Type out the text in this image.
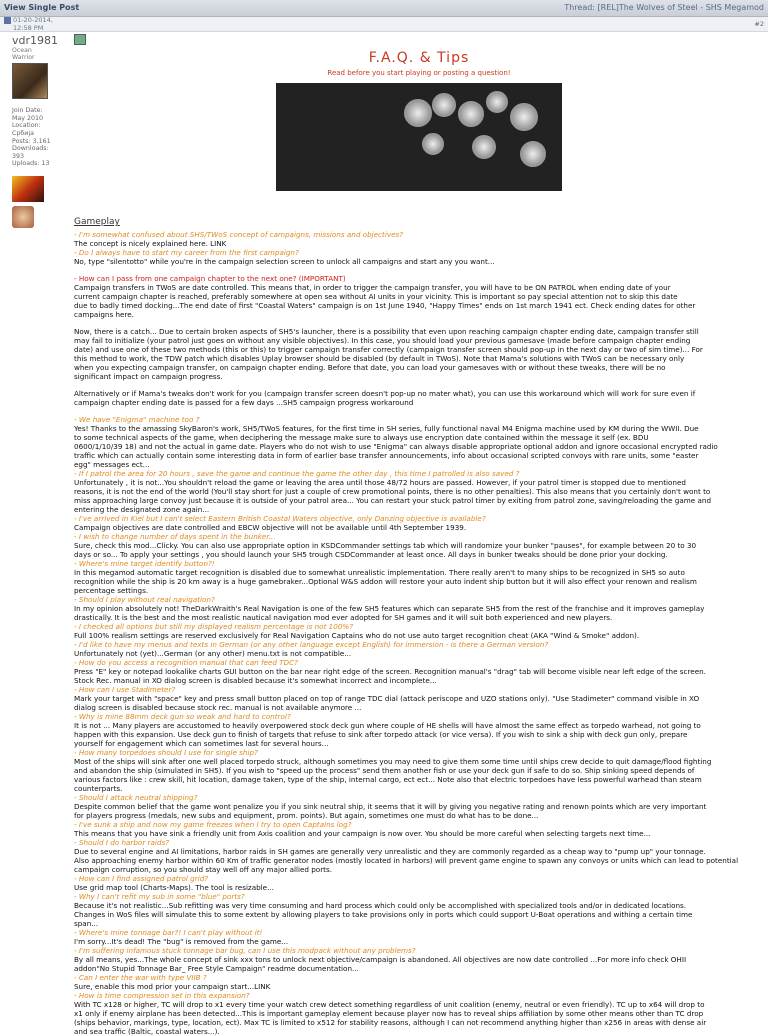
View Single Post	Thread: [REL]The Wolves of Steel - SHS Megamod
01-20-2014,
12:58 PM
#2
vdr1981
Ocean
Warrior
Join Date:
May 2010
Location:
Србија
Posts: 3,161
Downloads:
393
Uploads: 13
F.A.Q. & Tips
Read before you start playing or posting a question!
Gameplay
- I'm somewhat confused about SHS/TWoS concept of campaigns, missions and objectives?
The concept is nicely explained here. LINK
- Do I always have to start my career from the first campaign?
No, type "silentotto" while you're in the campaign selection screen to unlock all campaigns and start any you want...
- How can I pass from one campaign chapter to the next one? (IMPORTANT)
Campaign transfers in TWoS are date controlled. This means that, in order to trigger the campaign transfer, you will have to be ON PATROL when ending date of your
current campaign chapter is reached, preferably somewhere at open sea without AI units in your vicinity. This is important so pay special attention not to skip this date
due to badly timed docking...The end date of first "Coastal Waters" campaign is on 1st June 1940, "Happy Times" ends on 1st march 1941 ect. Check ending dates for other
campaigns here.
Now, there is a catch... Due to certain broken aspects of SH5's launcher, there is a possibility that even upon reaching campaign chapter ending date, campaign transfer still
may fail to initialize (your patrol just goes on without any visible objectives). In this case, you should load your previous gamesave (made before campaign chapter ending
date) and use one of these two methods (this or this) to trigger campaign transfer correctly (campaign transfer screen should pop-up in the next day or two of sim time)... For
this method to work, the TDW patch which disables Uplay browser should be disabled (by default in TWoS). Note that Mama's solutions with TWoS can be necessary only
when you expecting campaign transfer, on campaign chapter ending. Before that date, you can load your gamesaves with or without these tweaks, there will be no
significant impact on campaign progress.
Alternatively or if Mama's tweaks don't work for you (campaign transfer screen doesn't pop-up no mater what), you can use this workaround which will work for sure even if
campaign chapter ending date is passed for a few days ...SH5 campaign progress workaround
- We have "Enigma" machine too ?
Yes! Thanks to the amassing SkyBaron's work, SH5/TWoS features, for the first time in SH series, fully functional naval M4 Enigma machine used by KM during the WWII. Due
to some technical aspects of the game, when deciphering the message make sure to always use encryption date contained within the message it self (ex. BDU
0600/1/10/39 18) and not the actual in game date. Players who do not wish to use "Enigma" can always disable appropriate optional addon and ignore occasional encrypted radio
traffic which can actually contain some interesting data in form of earlier base transfer announcements, info about occasional scripted convoys with rare units, some "easter
egg" messages ect...
- If I patrol the area for 20 hours , save the game and continue the game the other day , this time I patrolled is also saved ?
Unfortunately , it is not...You shouldn't reload the game or leaving the area until those 48/72 hours are passed. However, if your patrol timer is stopped due to mentioned
reasons, it is not the end of the world (You'll stay short for just a couple of crew promotional points, there is no other penalties). This also means that you certainly don't wont to
miss approaching large convoy just because it is outside of your patrol area... You can restart your stuck patrol timer by exiting from patrol zone, saving/reloading the game and
entering the designated zone again...
- I've arrived in Kiel but I can't select Eastern British Coastal Waters objective, only Danzing objective is available?
Campaign objectives are date controlled and EBCW objective will not be available until 4th September 1939.
- I wish to change number of days spent in the bunker...
Sure, check this mod...Clicky. You can also use appropriate option in KSDCommander settings tab which will randomize your bunker "pauses", for example between 20 to 30
days or so... To apply your settings , you should launch your SH5 trough CSDCommander at least once. All days in bunker tweaks should be done prior your docking.
- Where's mine target identify button?!
In this megamod automatic target recognition is disabled due to somewhat unrealistic implementation. There really aren't to many ships to be recognized in SH5 so auto
recognition while the ship is 20 km away is a huge gamebraker...Optional W&S addon will restore your auto indent ship button but it will also effect your renown and realism
percentage settings.
- Should I play without real navigation?
In my opinion absolutely not! TheDarkWraith's Real Navigation is one of the few SH5 features which can separate SH5 from the rest of the franchise and it improves gameplay
drastically. It is the best and the most realistic nautical navigation mod ever adopted for SH games and it will suit both experienced and new players.
- I checked all options but still my displayed realism percentage is not 100%?
Full 100% realism settings are reserved exclusively for Real Navigation Captains who do not use auto target recognition cheat (AKA "Wind & Smoke" addon).
- I'd like to have my menus and texts in German (or any other language except English) for immersion - is there a German version?
Unfortunately not (yet)...German (or any other) menu.txt is not compatible...
- How do you access a recognition manual that can feed TDC?
Press "E" key or notepad lookalike charts GUI button on the bar near right edge of the screen. Recognition manual's "drag" tab will become visible near left edge of the screen.
Stock Rec. manual in XO dialog screen is disabled because it's somewhat incorrect and incomplete...
- How can I use Stadimeter?
Mark your target with "space" key and press small button placed on top of range TDC dial (attack periscope and UZO stations only). "Use Stadimeter" command visible in XO
dialog screen is disabled because stock rec. manual is not available anymore ...
- Why is mine 88mm deck gun so weak and hard to control?
It is not ... Many players are accustomed to heavily overpowered stock deck gun where couple of HE shells will have almost the same effect as torpedo warhead, not going to
happen with this expansion. Use deck gun to finish of targets that refuse to sink after torpedo attack (or vice versa). If you wish to sink a ship with deck gun only, prepare
yourself for engagement which can sometimes last for several hours...
- How many torpedoes should I use for single ship?
Most of the ships will sink after one well placed torpedo struck, although sometimes you may need to give them some time until ships crew decide to quit damage/flood fighting
and abandon the ship (simulated in SH5). If you wish to "speed up the process" send them another fish or use your deck gun if safe to do so. Ship sinking speed depends of
various factors like : crew skill, hit location, damage taken, type of the ship, internal cargo, ect ect... Note also that electric torpedoes have less powerful warhead than steam
counterparts.
- Should I attack neutral shipping?
Despite common belief that the game wont penalize you if you sink neutral ship, it seems that it will by giving you negative rating and renown points which are very important
for players progress (medals, new subs and equipment, prom. points). But again, sometimes one must do what has to be done...
- I've sunk a ship and now my game freezes when I try to open Captains log?
This means that you have sink a friendly unit from Axis coalition and your campaign is now over. You should be more careful when selecting targets next time...
- Should I do harbor raids?
Due to several engine and AI limitations, harbor raids in SH games are generally very unrealistic and they are commonly regarded as a cheap way to "pump up" your tonnage.
Also approaching enemy harbor within 60 Km of traffic generator nodes (mostly located in harbors) will prevent game engine to spawn any convoys or units which can lead to potential
campaign corruption, so you should stay well off any major allied ports.
- How can I find assigned patrol grid?
Use grid map tool (Charts-Maps). The tool is resizable...
- Why I can't refit my sub in some "blue" ports?
Because it's not realistic...Sub refitting was very time consuming and hard process which could only be accomplished with specialized tools and/or in dedicated locations.
Changes in WoS files will simulate this to some extent by allowing players to take provisions only in ports which could support U-Boat operations and withing a certain time
span...
- Where's mine tonnage bar?! I can't play without it!
I'm sorry...It's dead! The "bug" is removed from the game...
- I'm suffering infamous stuck tonnage bar bug, can I use this modpack without any problems?
By all means, yes...The whole concept of sink xxx tons to unlock next objective/campaign is abandoned. All objectives are now date controlled ...For more info check OHII
addon"No Stupid Tonnage Bar_ Free Style Campaign" readme documentation...
- Can I enter the war with type VIIB ?
Sure, enable this mod prior your campaign start...LINK
- How is time compression set in this expansion?
With TC x128 or higher, TC will drop to x1 every time your watch crew detect something regardless of unit coalition (enemy, neutral or even friendly). TC up to x64 will drop to
x1 only if enemy airplane has been detected...This is important gameplay element because player now has to reveal ships affiliation by some other means other than TC drop
(ships behavior, markings, type, location, ect). Max TC is limited to x512 for stability reasons, although I can not recommend anything higher than x256 in areas with dense air
and sea traffic (Baltic, coastal waters...).
